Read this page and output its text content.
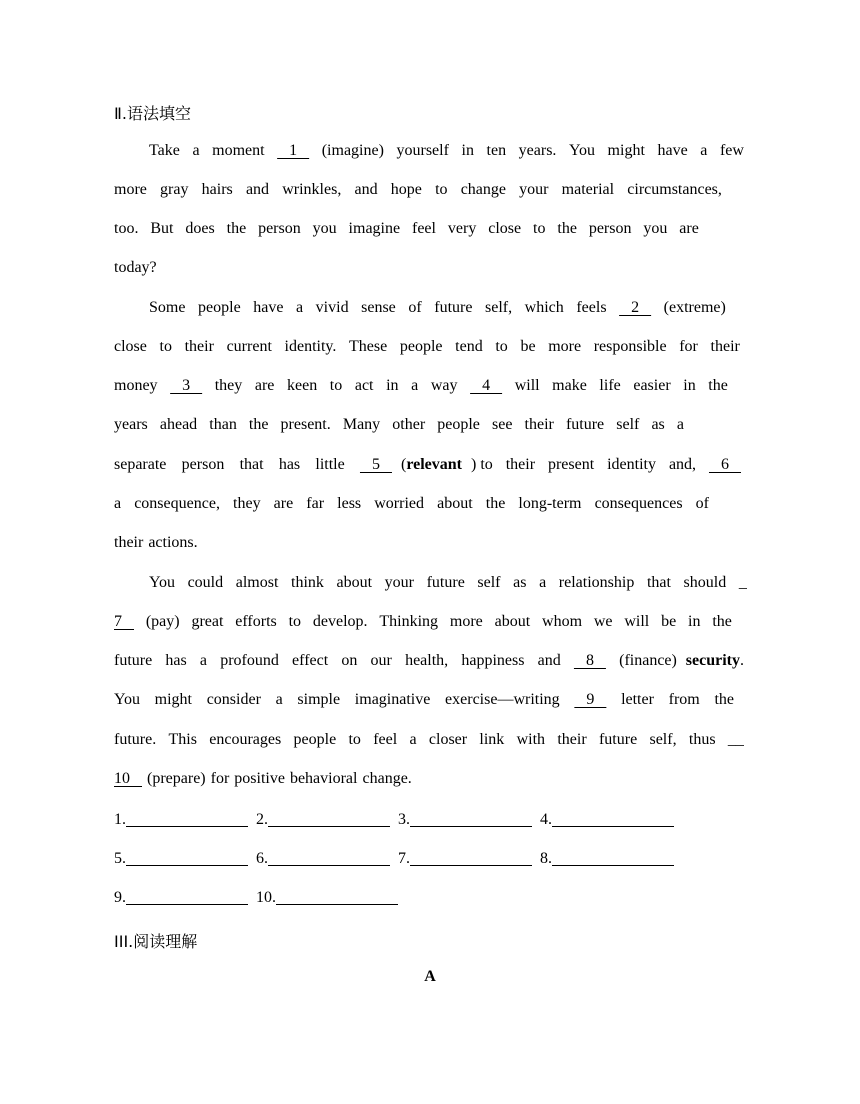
Ⅱ.语法填空
Take a moment 1 (imagine) yourself in ten years. You might have a few
more gray hairs and wrinkles, and hope to change your material circumstances,
too. But does the person you imagine feel very close to the person you are
today?
Some people have a vivid sense of future self, which feels 2 (extreme)
close to their current identity. These people tend to be more responsible for their
money 3 they are keen to act in a way 4 will make life easier in the
years ahead than the present. Many other people see their future self as a
separate person that has little 5 (relevant ) to their present identity and, 6
a consequence, they are far less worried about the long-term consequences of
their actions.
You could almost think about your future self as a relationship that should _
7 (pay) great efforts to develop. Thinking more about whom we will be in the
future has a profound effect on our health, happiness and 8 (finance) security.
You might consider a simple imaginative exercise—writing 9 letter from the
future. This encourages people to feel a closer link with their future self, thus __
10 (prepare) for positive behavioral change.
1.	2.	3.	4.
5.	6.	7.	8.
9.	10.
III.阅读理解
A
